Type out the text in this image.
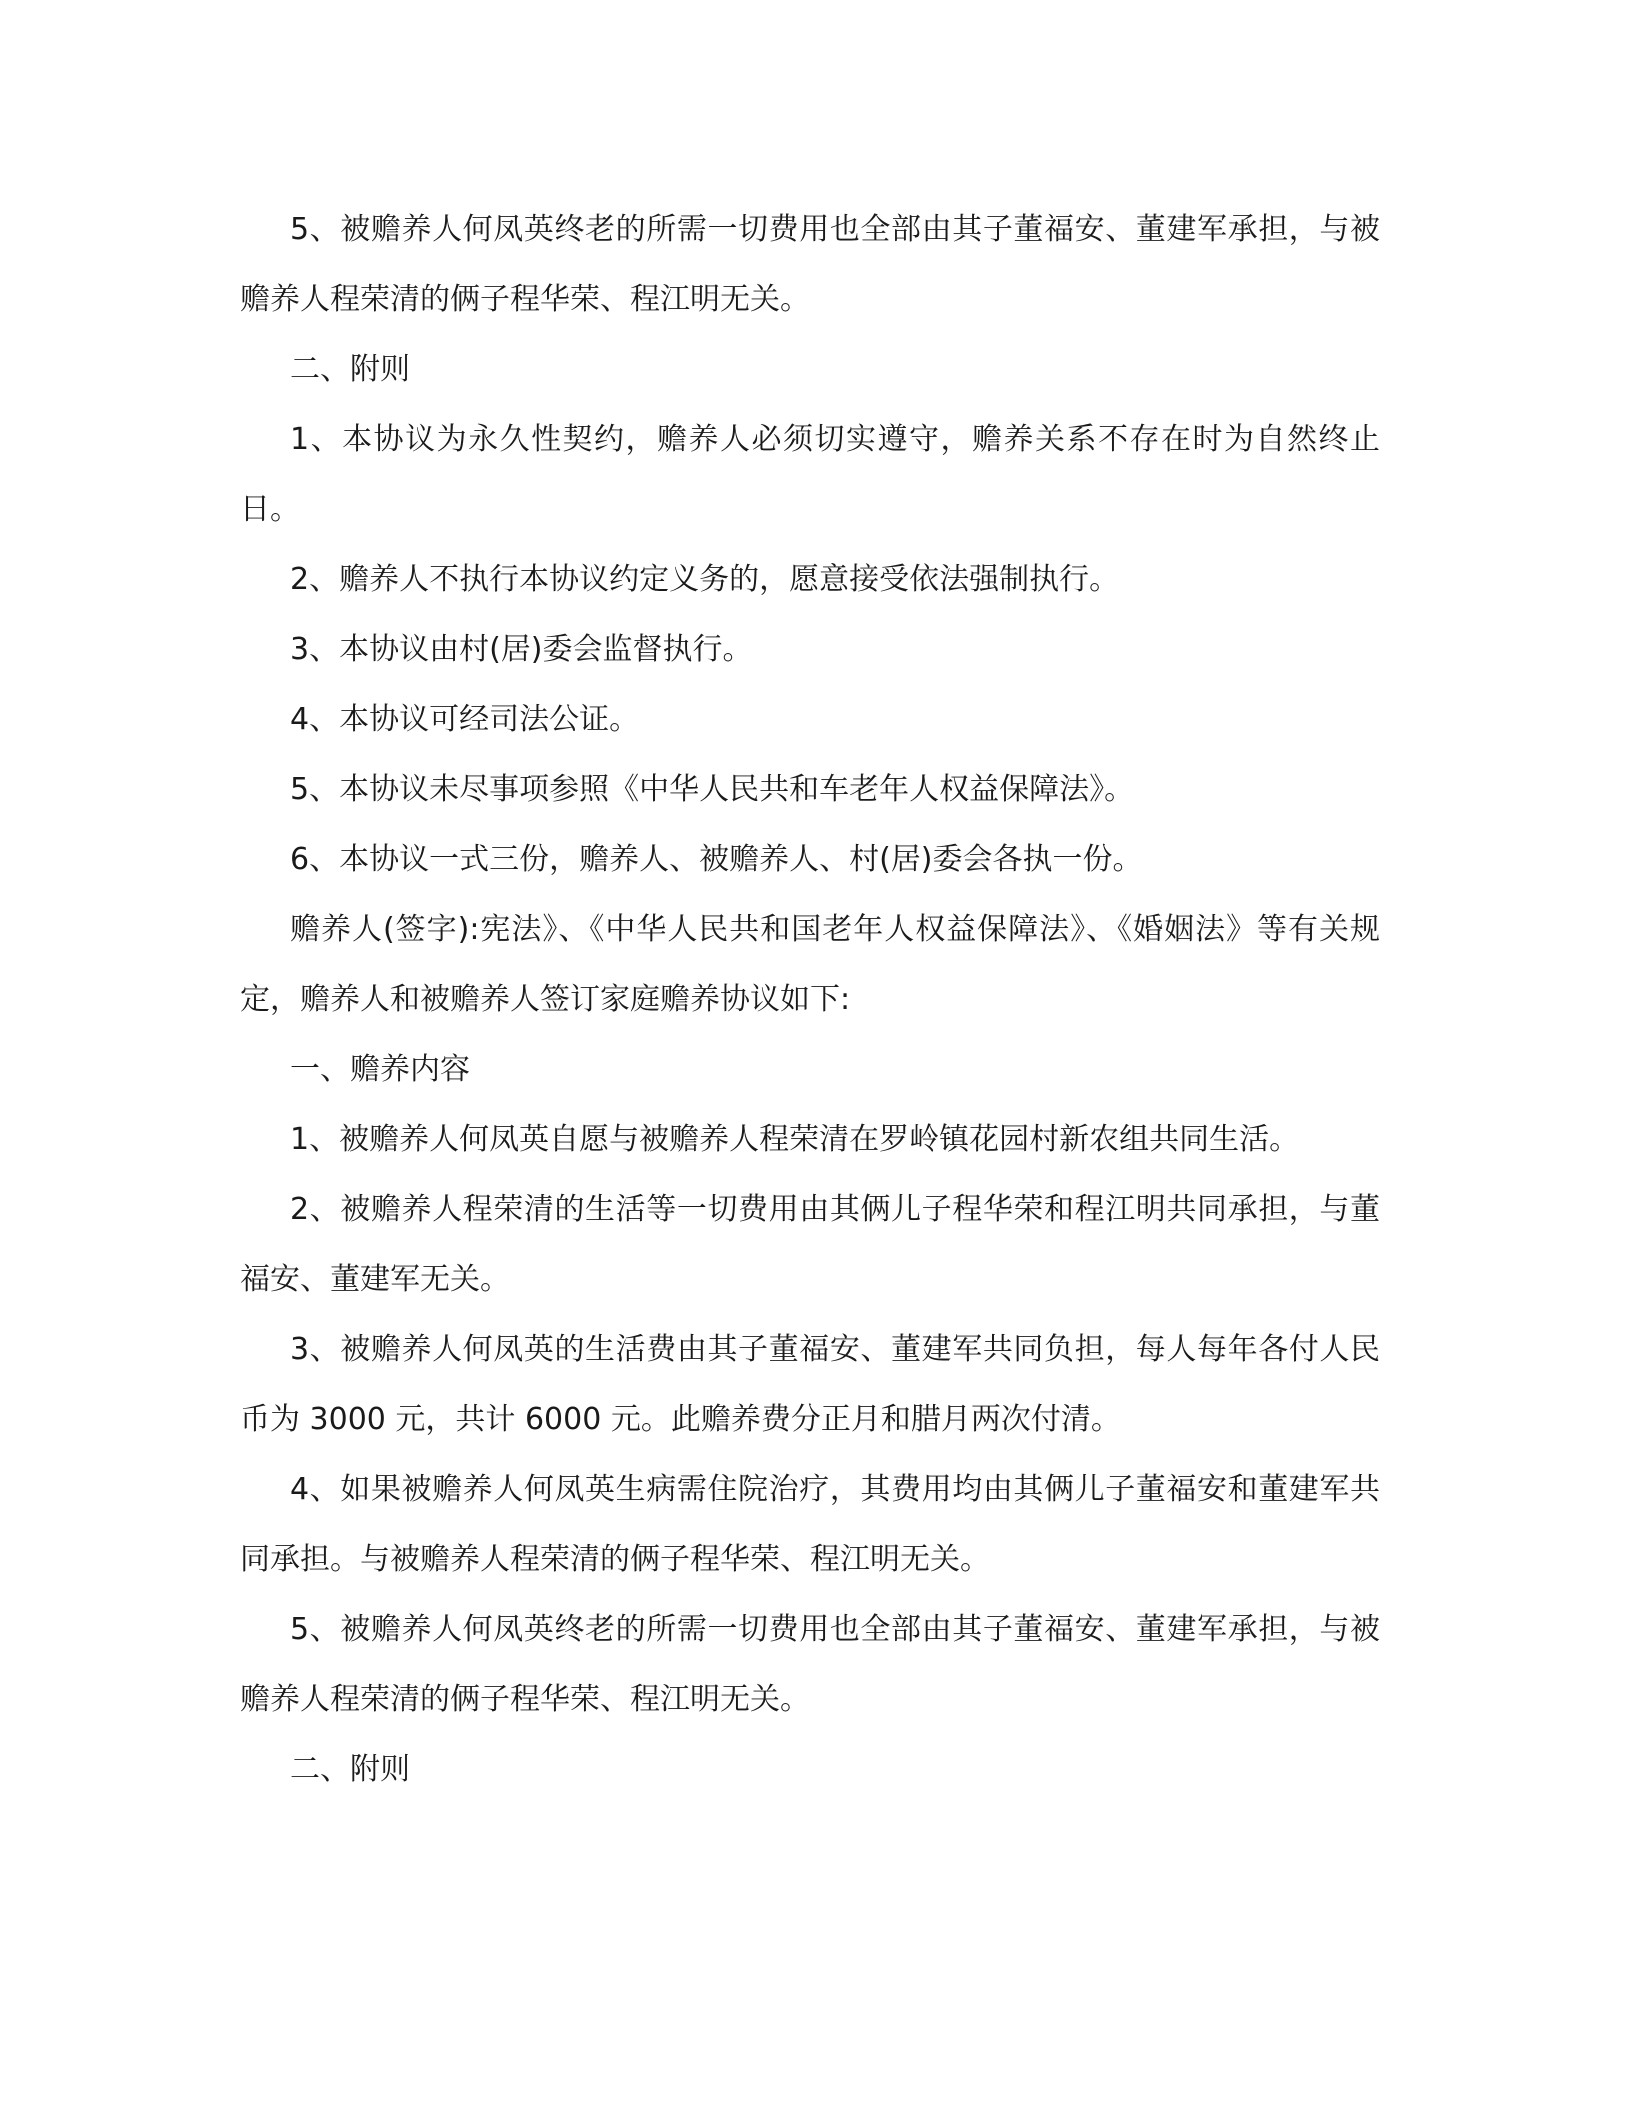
5、被赡养人何凤英终老的所需一切费用也全部由其子董福安、董建军承担，与被赡养人程荣清的俩子程华荣、程江明无关。

二、附则

1、本协议为永久性契约，赡养人必须切实遵守，赡养关系不存在时为自然终止日。

2、赡养人不执行本协议约定义务的，愿意接受依法强制执行。

3、本协议由村(居)委会监督执行。

4、本协议可经司法公证。

5、本协议未尽事项参照《中华人民共和车老年人权益保障法》。

6、本协议一式三份，赡养人、被赡养人、村(居)委会各执一份。

赡养人(签字):宪法》、《中华人民共和国老年人权益保障法》、《婚姻法》等有关规定，赡养人和被赡养人签订家庭赡养协议如下:

一、赡养内容

1、被赡养人何凤英自愿与被赡养人程荣清在罗岭镇花园村新农组共同生活。

2、被赡养人程荣清的生活等一切费用由其俩儿子程华荣和程江明共同承担，与董福安、董建军无关。

3、被赡养人何凤英的生活费由其子董福安、董建军共同负担，每人每年各付人民币为 3000 元，共计 6000 元。此赡养费分正月和腊月两次付清。

4、如果被赡养人何凤英生病需住院治疗，其费用均由其俩儿子董福安和董建军共同承担。与被赡养人程荣清的俩子程华荣、程江明无关。

5、被赡养人何凤英终老的所需一切费用也全部由其子董福安、董建军承担，与被赡养人程荣清的俩子程华荣、程江明无关。

二、附则
